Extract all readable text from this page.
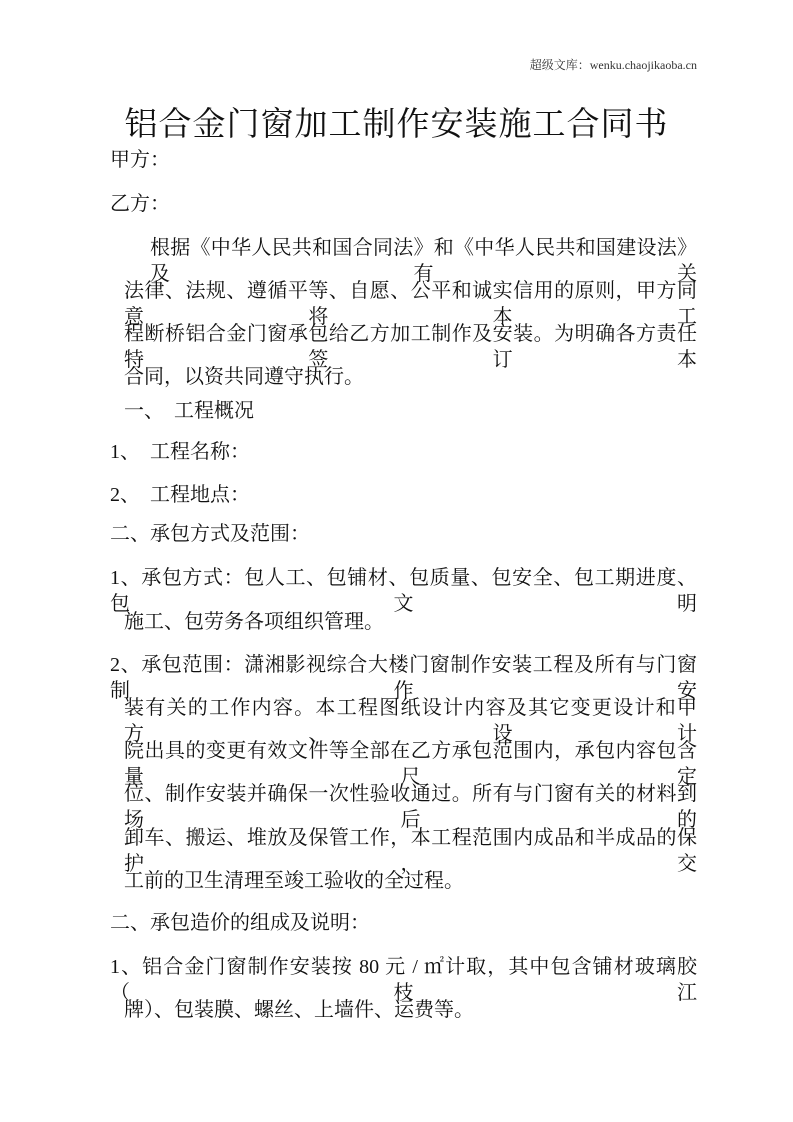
超级文库：wenku.chaojikaoba.cn
铝合金门窗加工制作安装施工合同书
甲方：
乙方：
根据《中华人民共和国合同法》和《中华人民共和国建设法》及有关
法律、法规、遵循平等、自愿、公平和诚实信用的原则，甲方同意将本工
程断桥铝合金门窗承包给乙方加工制作及安装。为明确各方责任特签订本
合同，以资共同遵守执行。
一、  工程概况
1、  工程名称：
2、  工程地点：
二、承包方式及范围：
1、承包方式：包人工、包铺材、包质量、包安全、包工期进度、包文明
施工、包劳务各项组织管理。
2、承包范围：潇湘影视综合大楼门窗制作安装工程及所有与门窗制作安
装有关的工作内容。本工程图纸设计内容及其它变更设计和甲方、设计
院出具的变更有效文件等全部在乙方承包范围内，承包内容包含量尺定
位、制作安装并确保一次性验收通过。所有与门窗有关的材料到场后的
卸车、搬运、堆放及保管工作，本工程范围内成品和半成品的保护，交
工前的卫生清理至竣工验收的全过程。
二、承包造价的组成及说明：
1、铝合金门窗制作安装按 80 元 / ㎡计取，其中包含铺材玻璃胶（枝江
牌）、包装膜、螺丝、上墙件、运费等。
